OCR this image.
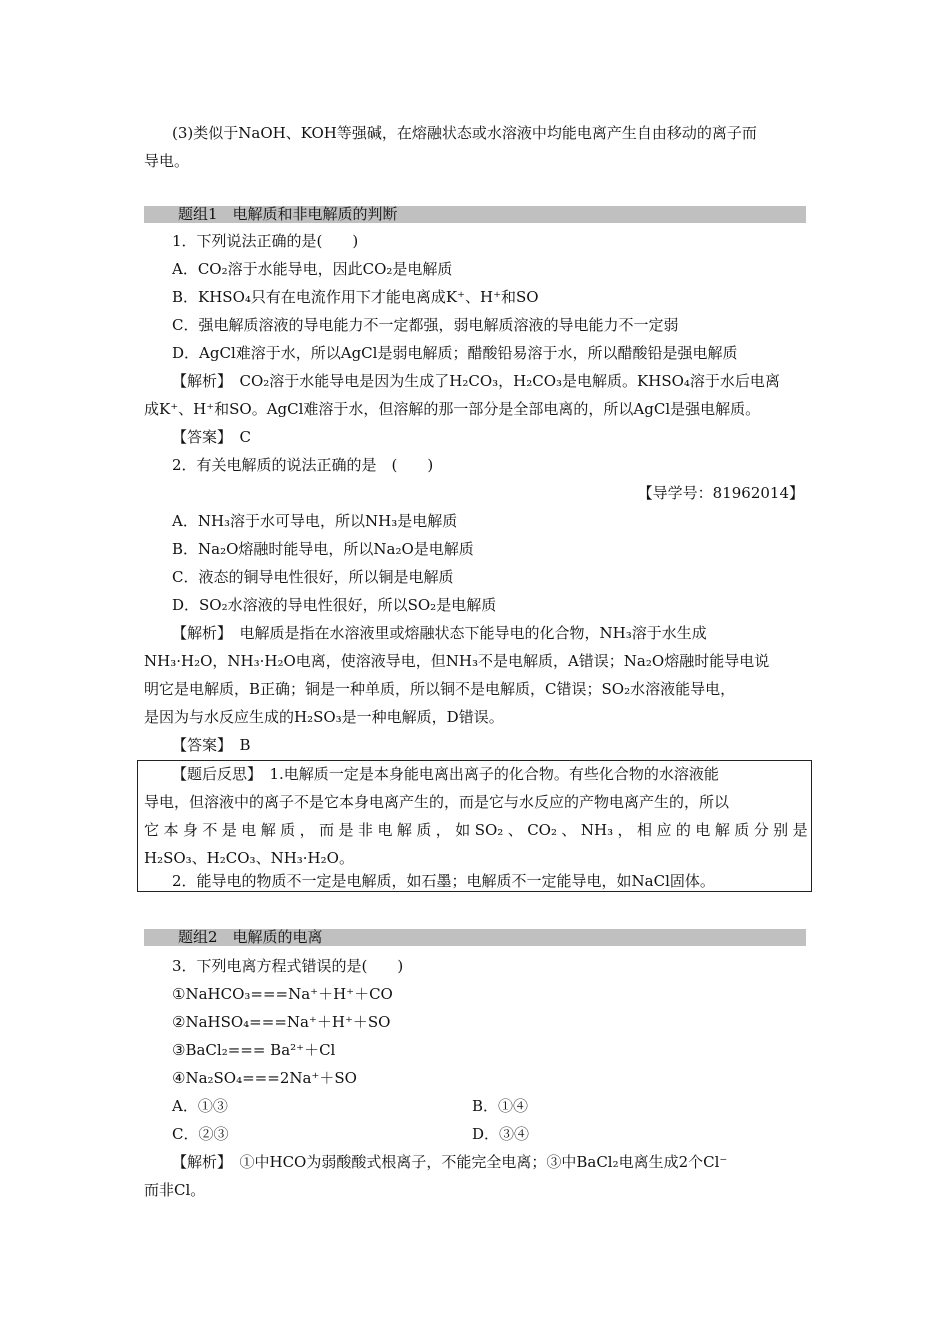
(3)类似于NaOH、KOH等强碱，在熔融状态或水溶液中均能电离产生自由移动的离子而
导电。
题组1　电解质和非电解质的判断
1．下列说法正确的是(　　)
A．CO₂溶于水能导电，因此CO₂是电解质
B．KHSO₄只有在电流作用下才能电离成K⁺、H⁺和SO
C．强电解质溶液的导电能力不一定都强，弱电解质溶液的导电能力不一定弱
D．AgCl难溶于水，所以AgCl是弱电解质；醋酸铅易溶于水，所以醋酸铅是强电解质
【解析】　CO₂溶于水能导电是因为生成了H₂CO₃，H₂CO₃是电解质。KHSO₄溶于水后电离
成K⁺、H⁺和SO。AgCl难溶于水，但溶解的那一部分是全部电离的，所以AgCl是强电解质。
【答案】　C
2．有关电解质的说法正确的是　(　　)
【导学号：81962014】
A．NH₃溶于水可导电，所以NH₃是电解质
B．Na₂O熔融时能导电，所以Na₂O是电解质
C．液态的铜导电性很好，所以铜是电解质
D．SO₂水溶液的导电性很好，所以SO₂是电解质
【解析】　电解质是指在水溶液里或熔融状态下能导电的化合物，NH₃溶于水生成
NH₃·H₂O，NH₃·H₂O电离，使溶液导电，但NH₃不是电解质，A错误；Na₂O熔融时能导电说
明它是电解质，B正确；铜是一种单质，所以铜不是电解质，C错误；SO₂水溶液能导电，
是因为与水反应生成的H₂SO₃是一种电解质，D错误。
【答案】　B
【题后反思】　1.电解质一定是本身能电离出离子的化合物。有些化合物的水溶液能
导电，但溶液中的离子不是它本身电离产生的，而是它与水反应的产物电离产生的，所以
它 本 身 不 是 电 解 质 ， 而 是 非 电 解 质 ， 如 SO₂ 、 CO₂ 、 NH₃ ， 相 应 的 电 解 质 分 别 是
H₂SO₃、H₂CO₃、NH₃·H₂O。
2．能导电的物质不一定是电解质，如石墨；电解质不一定能导电，如NaCl固体。
题组2　电解质的电离
3．下列电离方程式错误的是(　　)
①NaHCO₃===Na⁺＋H⁺＋CO
②NaHSO₄===Na⁺＋H⁺＋SO
③BaCl₂=== Ba²⁺＋Cl
④Na₂SO₄===2Na⁺＋SO
A．①③	B．①④
C．②③	D．③④
【解析】　①中HCO为弱酸酸式根离子，不能完全电离；③中BaCl₂电离生成2个Cl⁻
而非Cl。
